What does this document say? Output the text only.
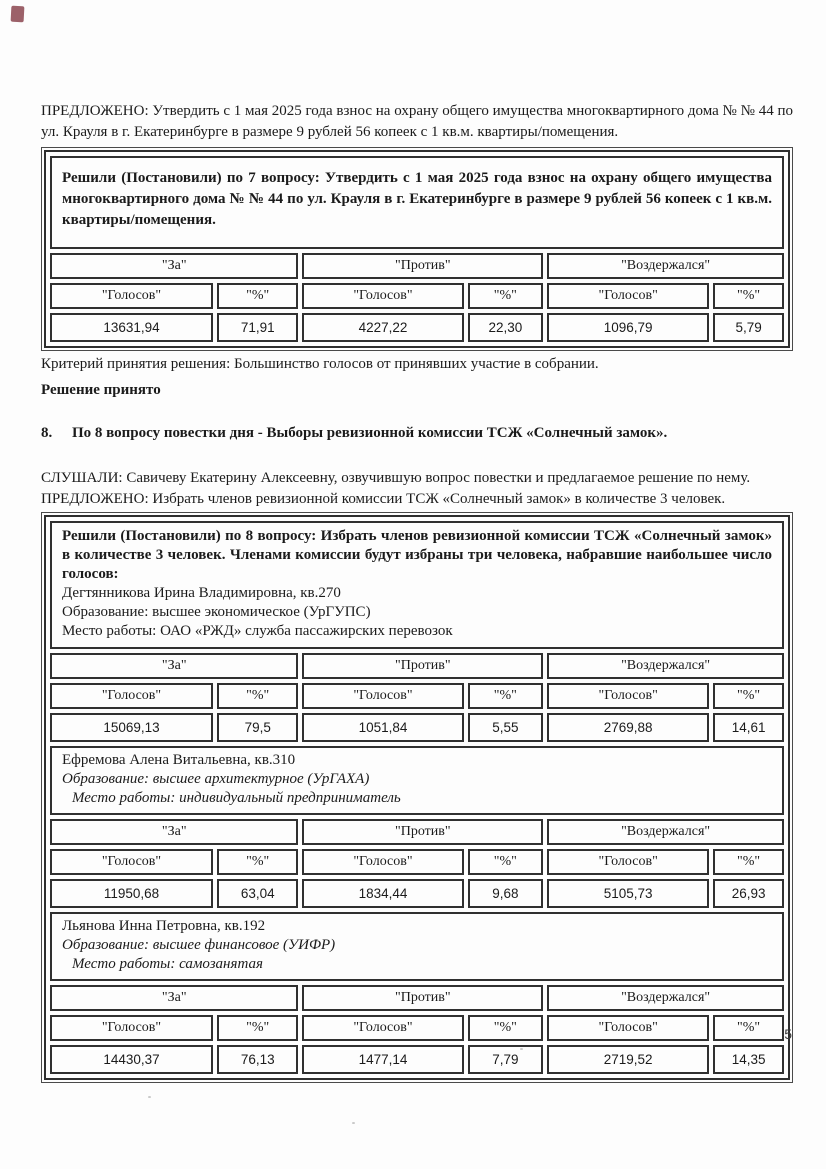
ПРЕДЛОЖЕНО: Утвердить с 1 мая 2025 года взнос на охрану общего имущества многоквартирного дома № № 44 по ул. Крауля в г. Екатеринбурге в размере 9 рублей 56 копеек с 1 кв.м. квартиры/помещения.

Решили (Постановили) по 7 вопросу: Утвердить с 1 мая 2025 года взнос на охрану общего имущества многоквартирного дома № № 44 по ул. Крауля в г. Екатеринбурге в размере 9 рублей 56 копеек с 1 кв.м. квартиры/помещения.
"За"	"Против"	"Воздержался"
"Голосов"	"%"	"Голосов"	"%"	"Голосов"	"%"
13631,94	71,91	4227,22	22,30	1096,79	5,79

Критерий принятия решения: Большинство голосов от принявших участие в собрании.

Решение принято

8. По 8 вопросу повестки дня - Выборы ревизионной комиссии ТСЖ «Солнечный замок».

СЛУШАЛИ: Савичеву Екатерину Алексеевну, озвучившую вопрос повестки и предлагаемое решение по нему.

ПРЕДЛОЖЕНО: Избрать членов ревизионной комиссии ТСЖ «Солнечный замок» в количестве 3 человек.

Решили (Постановили) по 8 вопросу: Избрать членов ревизионной комиссии ТСЖ «Солнечный замок» в количестве 3 человек. Членами комиссии будут избраны три человека, набравшие наибольшее число голосов:
Дегтянникова Ирина Владимировна, кв.270
Образование: высшее экономическое (УрГУПС)
Место работы: ОАО «РЖД» служба пассажирских перевозок
"За"	"Против"	"Воздержался"
"Голосов"	"%"	"Голосов"	"%"	"Голосов"	"%"
15069,13	79,5	1051,84	5,55	2769,88	14,61
Ефремова Алена Витальевна, кв.310
Образование: высшее архитектурное (УрГАХА)
Место работы: индивидуальный предприниматель
"За"	"Против"	"Воздержался"
"Голосов"	"%"	"Голосов"	"%"	"Голосов"	"%"
11950,68	63,04	1834,44	9,68	5105,73	26,93
Льянова Инна Петровна, кв.192
Образование: высшее финансовое (УИФР)
Место работы: самозанятая
"За"	"Против"	"Воздержался"
"Голосов"	"%"	"Голосов"	"%"	"Голосов"	"%"
14430,37	76,13	1477,14	7,79	2719,52	14,35
5
